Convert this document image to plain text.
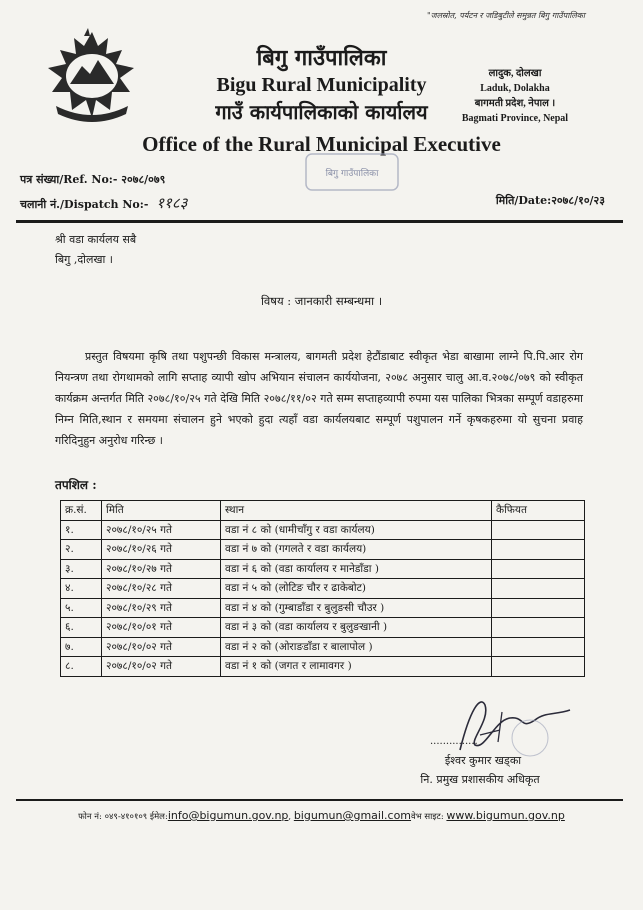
"जलस्रोत, पर्यटन र जडिबुटीले समुन्नत बिगु गाउँपालिका
बिगु गाउँपालिका
Bigu Rural Municipality
गाउँ कार्यपालिकाको कार्यालय
Office of the Rural Municipal Executive
लादुक, दोलखा
Laduk, Dolakha
बागमती प्रदेश, नेपाल ।
Bagmati Province, Nepal
बिगु गाउँपालिका
पत्र संख्या/Ref. No:- २०७८/०७९
चलानी नं./Dispatch No:- ११८३	मिति/Date:२०७८/१०/२३
श्री वडा कार्यलय सबै
बिगु ,दोलखा ।
विषय : जानकारी सम्बन्धमा ।
प्रस्तुत विषयमा कृषि तथा पशुपन्छी विकास मन्त्रालय, बागमती प्रदेश हेटौंडाबाट स्वीकृत भेडा बाखामा लाग्ने पि.पि.आर रोग नियन्त्रण तथा रोगथामको लागि सप्ताह व्यापी खोप अभियान संचालन कार्ययोजना, २०७८ अनुसार चालु आ.व.२०७८/०७९ को स्वीकृत कार्यक्रम अन्तर्गत मिति २०७८/१०/२५ गते देखि मिति २०७८/११/०२ गते सम्म सप्ताहव्यापी रुपमा यस पालिका भित्रका सम्पूर्ण वडाहरुमा निम्न मिति,स्थान र समयमा संचालन हुने भएको हुदा त्यहाँ वडा कार्यलयबाट सम्पूर्ण पशुपालन गर्ने कृषकहरुमा यो सुचना प्रवाह गरिदिनुहुन अनुरोध गरिन्छ ।
तपशिल :
क्र.सं.	मिति	स्थान	कैफियत
१.	२०७८/१०/२५ गते	वडा नं ८ को (धामीचाँगु र वडा कार्यलय)	
२.	२०७८/१०/२६ गते	वडा नं ७ को (गगलते र वडा कार्यलय)	
३.	२०७८/१०/२७ गते	वडा नं ६ को (वडा कार्यालय र मानेडाँडा )	
४.	२०७८/१०/२८ गते	वडा नं ५ को (लोटिङ चौर र ढाकेबोट)	
५.	२०७८/१०/२९ गते	वडा नं ४ को (गुम्बाडाँडा र बुलुङसी चौउर )	
६.	२०७८/१०/०१ गते	वडा नं ३ को (वडा कार्यालय र बुलुङखानी )	
७.	२०७८/१०/०२ गते	वडा नं २ को (ओराङडाँडा र बालापोल )	
८.	२०७८/१०/०२ गते	वडा नं १ को (जगत र लामावगर )	
...............
ईश्वर कुमार खड्का
नि. प्रमुख प्रशासकीय अधिकृत
फोन नं: ०४९-४१०१०९ ईमेल:info@bigumun.gov.np, bigumun@gmail.comवेभ साइट: www.bigumun.gov.np
